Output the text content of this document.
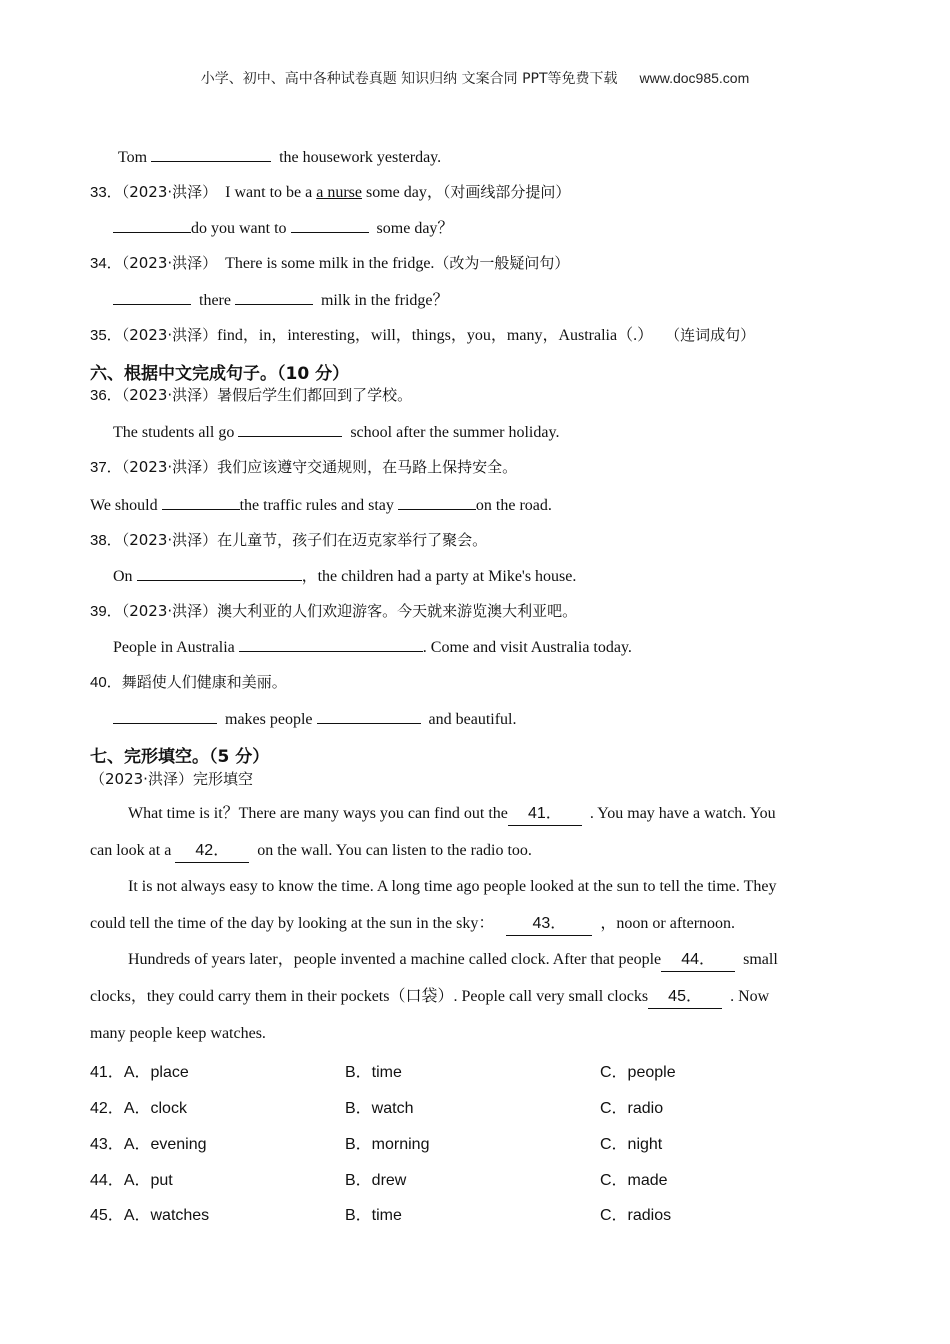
小学、初中、高中各种试卷真题 知识归纳 文案合同 PPT等免费下载 www.doc985.com
Tom	the housework yesterday.
33．（2023·洪泽） I want to be a a nurse some day，（对画线部分提问）
do you want to	some day？
34．（2023·洪泽） There is some milk in the fridge.（改为一般疑问句）
there	milk in the fridge？
35．（2023·洪泽）find，in，interesting，will，things，you，many，Australia（.） （连词成句）
六、根据中文完成句子。（10 分）
36．（2023·洪泽）暑假后学生们都回到了学校。
The students all go	school after the summer holiday.
37．（2023·洪泽）我们应该遵守交通规则，在马路上保持安全。
We should	the traffic rules and stay	on the road.
38．（2023·洪泽）在儿童节，孩子们在迈克家举行了聚会。
On	，the children had a party at Mike's house.
39．（2023·洪泽）澳大利亚的人们欢迎游客。今天就来游览澳大利亚吧。
People in Australia	. Come and visit Australia today.
40．舞蹈使人们健康和美丽。
makes people	and beautiful.
七、完形填空。（5 分）
（2023·洪泽）完形填空
What time is it？There are many ways you can find out the 41． . You may have a watch. You
can look at a 42． on the wall. You can listen to the radio too.
It is not always easy to know the time. A long time ago people looked at the sun to tell the time. They
could tell the time of the day by looking at the sun in the sky： 43． ，noon or afternoon.
Hundreds of years later，people invented a machine called clock. After that people 44． small
clocks，they could carry them in their pockets（口袋）. People call very small clocks 45． . Now
many people keep watches.
41．A．place	B．time	C．people
42．A．clock	B．watch	C．radio
43．A．evening	B．morning	C．night
44．A．put	B．drew	C．made
45．A．watches	B．time	C．radios
